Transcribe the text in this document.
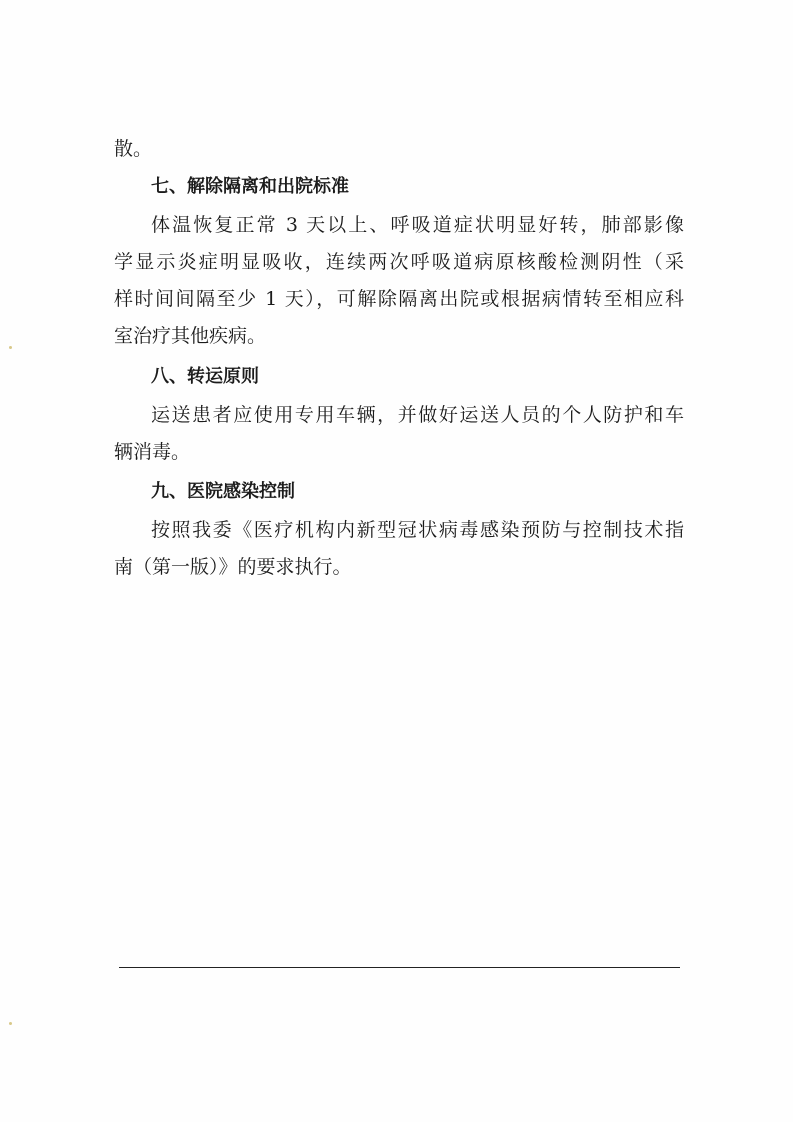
散。
七、解除隔离和出院标准
体温恢复正常 3 天以上、呼吸道症状明显好转，肺部影像
学显示炎症明显吸收，连续两次呼吸道病原核酸检测阴性（采
样时间间隔至少 1 天），可解除隔离出院或根据病情转至相应科
室治疗其他疾病。
八、转运原则
运送患者应使用专用车辆，并做好运送人员的个人防护和车
辆消毒。
九、医院感染控制
按照我委《医疗机构内新型冠状病毒感染预防与控制技术指
南（第一版）》的要求执行。
